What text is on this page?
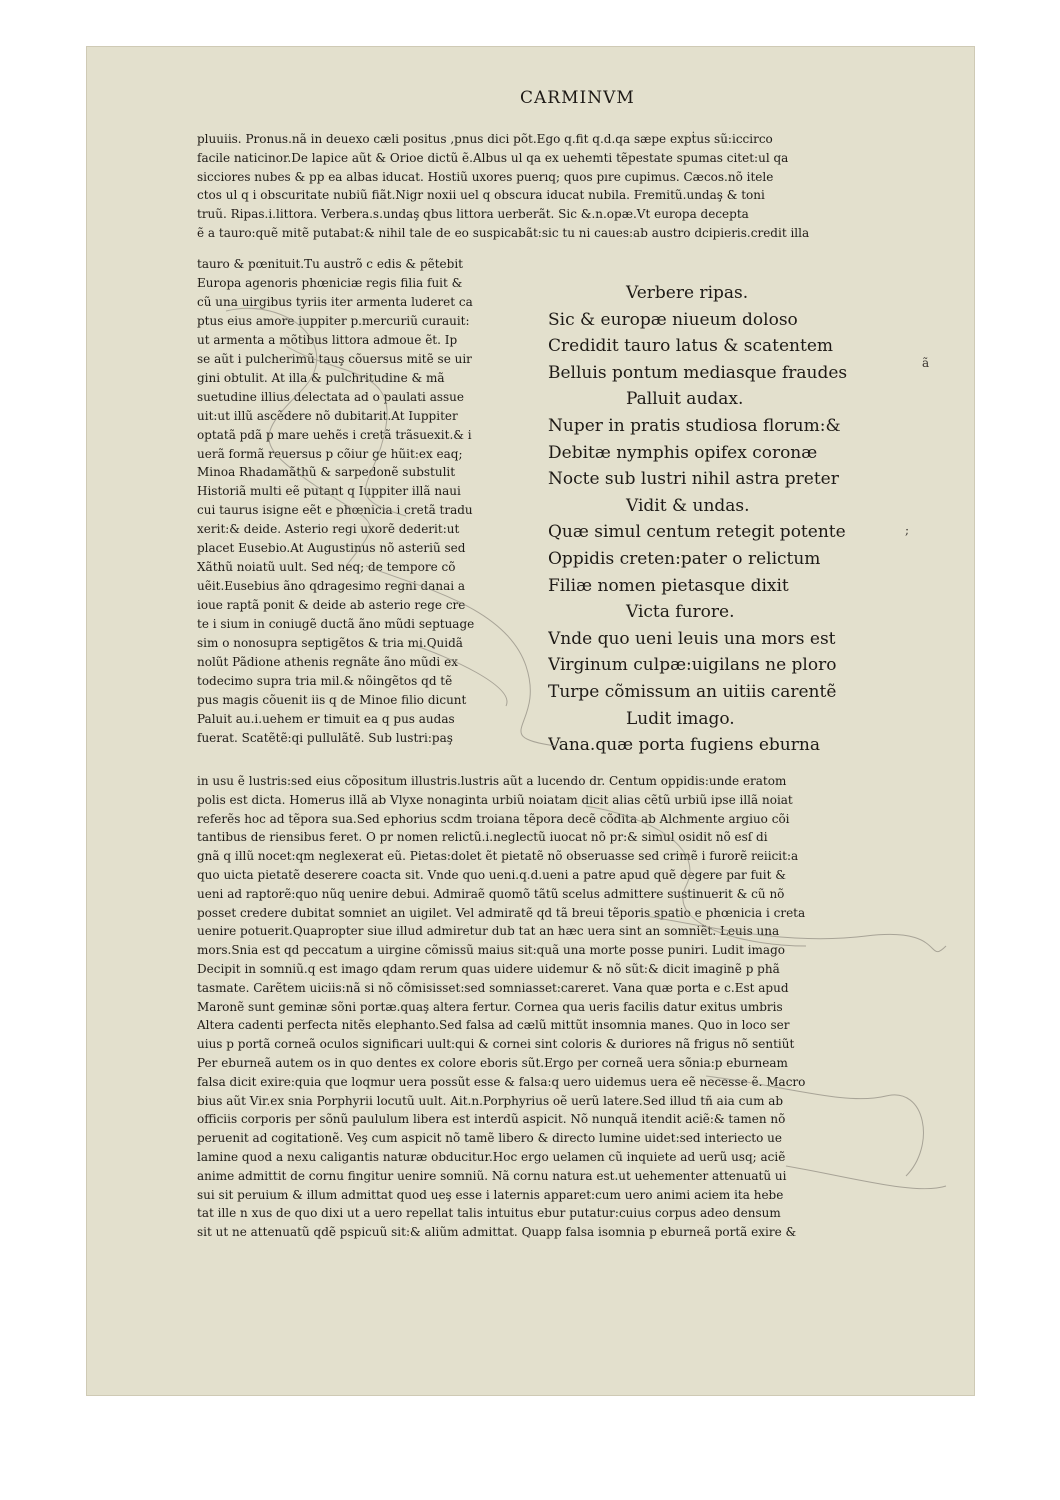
CARMINVM
pluuiis. Pronus.nã in deuexo cæli positus ,pnus dici põt.Ego q.fit q.d.qa sæpe expṫus sũ:iccirco
facile naticinor.De lapice aũt & Orioe dictũ ẽ.Albus ul qa ex uehemti tẽpestate spumas citet:ul qa
sicciores nubes & pp ea albas iducat. Hostiũ uxores puerıq; quos pıre cupimus. Cæcos.nõ itele
ctos ul q i obscuritate nubiũ fiãt.Nigr noxii uel q obscura iducat nubila. Fremitũ.undaş & toni
truũ. Ripas.i.littora. Verbera.s.undaş qbus littora uerberãt. Sic &.n.opæ.Vt europa decepta
ẽ a tauro:quẽ mitẽ putabat:& nihil tale de eo suspicabãt:sic tu ni caues:ab austro dcipieris.credit illa
tauro & pœnituit.Tu austrõ c edis & pẽtebit
Europa agenoris phœniciæ regis filia fuit &
cũ una uirgibus tyriis iter armenta luderet ca
ptus eius amore iuppiter p.mercuriũ curauit:
ut armenta a mõtibus littora admoue ẽt. Ip
se aũt i pulcherimũ tauş cõuersus mitẽ se uir
gini obtulit. At illa & pulchritudine & mã
suetudine illius delectata ad o paulati assue
uit:ut illũ ascẽdere nõ dubitarit.At Iuppiter
optatã pdã p mare uehẽs i cretã trãsuexit.& i
uerã formã reuersus p cõiur ge hũit:ex eaq;
Minoa Rhadamãthũ & sarpedonẽ substulit
Historiã multi eẽ putant q Iuppiter illã naui
cui taurus isigne eẽt e phœnicia i cretã tradu
xerit:& deide. Asterio regi uxorẽ dederit:ut
placet Eusebio.At Augustinus nõ asteriũ sed
Xãthũ noiatũ uult. Sed neq; de tempore cõ
uẽit.Eusebius ãno qdragesimo regni danai a
ioue raptã ponit & deide ab asterio rege cre
te i sium in coniugẽ ductã ãno mũdi septuage
sim o nonosupra septigẽtos & tria mi.Quidã
nolũt Pãdione athenis regnãte ãno mũdi ex
todecimo supra tria mil.& nõingẽtos qd tẽ
pus magis cõuenit iis q de Minoe filio dicunt
Paluit au.i.uehem er timuit ea q pus audas
fuerat. Scatẽtẽ:qi pullulãtẽ. Sub lustri:paş
Verbere ripas.
Sic & europæ niueum doloso
Credidit tauro latus & scatentem
Belluis pontum mediasque fraudes
Palluit audax.
Nuper in pratis studiosa florum:&
Debitæ nymphis opifex coronæ
Nocte sub lustri nihil astra preter
Vidit & undas.
Quæ simul centum retegit potente
Oppidis creten:pater o relictum
Filiæ nomen pietasque dixit
Victa furore.
Vnde quo ueni leuis una mors est
Virginum culpæ:uigilans ne ploro
Turpe cõmissum an uitiis carentẽ
Ludit imago.
Vana.quæ porta fugiens eburna
in usu ẽ lustris:sed eius cõpositum illustris.lustris aũt a lucendo dr. Centum oppidis:unde eratom
polis est dicta. Homerus illã ab Vlyxe nonaginta urbiũ noiatam dicit alias cẽtũ urbiũ ipse illã noiat
referẽs hoc ad tẽpora sua.Sed ephorius scdm troiana tẽpora decẽ cõdita ab Alchmente argiuo cõi
tantibus de riensibus feret. O pr nomen relictũ.i.neglectũ iuocat nõ pr:& simul osidit nõ esſ di
gnã q illũ nocet:qm neglexerat eũ. Pietas:dolet ẽt pietatẽ nõ obseruasse sed crimẽ i furorẽ reiicit:a
quo uicta pietatẽ deserere coacta sit. Vnde quo ueni.q.d.ueni a patre apud quẽ degere par fuit &
ueni ad raptorẽ:quo nũq uenire debui. Admiraẽ quomõ tãtũ scelus admittere sustinuerit & cũ nõ
posset credere dubitat somniet an uigilet. Vel admiratẽ qd tã breui tẽporis spatio e phœnicia i creta
uenire potuerit.Quapropter siue illud admiretur dub tat an hæc uera sint an somniẽt. Leuis una
mors.Snia est qd peccatum a uirgine cõmissũ maius sit:quã una morte posse puniri. Ludit imago
Decipit in somniũ.q est imago qdam rerum quas uidere uidemur & nõ sũt:& dicit imaginẽ p phã
tasmate. Carẽtem uiciis:nã si nõ cõmisisset:sed somniasset:careret. Vana quæ porta e c.Est apud
Maronẽ sunt geminæ sõni portæ.quaş altera fertur. Cornea qua ueris facilis datur exitus umbris
Altera cadenti perfecta nitẽs elephanto.Sed falsa ad cælũ mittũt insomnia manes. Quo in loco ser
uius p portã corneã oculos significari uult:qui & cornei sint coloris & duriores nã frigus nõ sentiũt
Per eburneã autem os in quo dentes ex colore eboris sũt.Ergo per corneã uera sõnia:p eburneam
falsa dicit exire:quia que loqmur uera possũt esse & falsa:q uero uidemus uera eẽ necesse ẽ. Macro
bius aũt Vir.ex snia Porphyrii locutũ uult. Ait.n.Porphyrius oẽ uerũ latere.Sed illud tñ aia cum ab
officiis corporis per sõnũ paululum libera est interdũ aspicit. Nõ nunquã itendit aciẽ:& tamen nõ
peruenit ad cogitationẽ. Veş cum aspicit nõ tamẽ libero & directo lumine uidet:sed interiecto ue
lamine quod a nexu caligantis naturæ obducitur.Hoc ergo uelamen cũ inquiete ad uerũ usq; aciẽ
anime admittit de cornu fingitur uenire somniũ. Nã cornu natura est.ut uehementer attenuatũ ui
sui sit peruium & illum admittat quod ueş esse i laternis apparet:cum uero animi aciem ita hebe
tat ille n xus de quo dixi ut a uero repellat talis intuitus ebur putatur:cuius corpus adeo densum
sit ut ne attenuatũ qdẽ pspicuũ sit:& aliũm admittat. Quapp falsa isomnia p eburneã portã exire &
ã
;
